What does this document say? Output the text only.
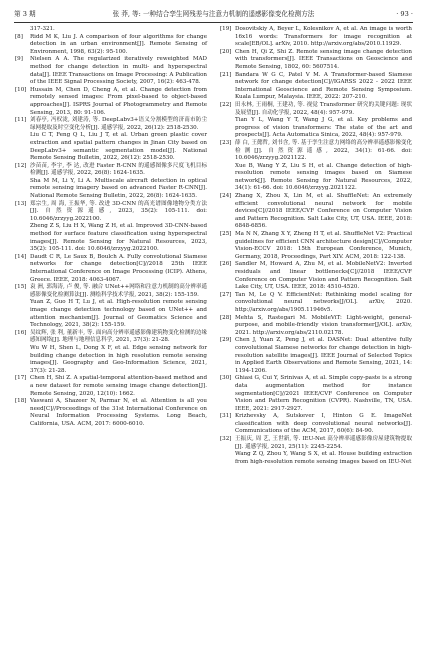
第 3 期	张 莽, 等: 一种结合孪生网残差与注意力机制的遥感影像变化检测方法	· 93 ·
317-321.
[8]	Ridd M K, Liu J. A comparison of four algorithms for change detection in an urban environment[J]. Remote Sensing of Environment, 1998, 63(2): 95-100.
[9]	Nielsen A A. The regularized iteratively reweighted MAD method for change detection in multi- and hyperspectral data[J]. IEEE Transactions on Image Processing: A Publication of the IEEE Signal Processing Society, 2007, 16(2): 463-478.
[10] Hussain M, Chen D, Cheng A, et al. Change detection from remotely sensed images: From pixel-based to object-based approaches[J]. ISPRS Journal of Photogrammetry and Remote Sensing, 2013, 80: 91-106.
[11] 刘春亭, 冯权泷, 刘建涛, 等. DeepLabv3+语义分割模型的济南市防尘绿网提取及时空变化分析[J]. 遥感学报, 2022, 26(12): 2518-2530.
Liu C T, Feng Q L, Liu J T, et al. Urban green plastic cover extraction and spatial pattern changes in Jinan City based on DeepLabv3+ semantic segmentation model[J]. National Remote Sensing Bulletin, 2022, 26(12): 2518-2530.
[12] 沙苗苗, 李宇, 李 达, 改进 Faster R-CNN 的遥感图像多尺度飞机目标检测[J]. 遥感学报, 2022, 26(8): 1624-1635.
Sha M M, Li Y, Li A. Multiscale aircraft detection in optical remote sensing imagery based on advanced Faster R-CNN[J]. National Remote Sensing Bulletin, 2022, 26(8): 1624-1635.
[13] 郑宗生, 周 海, 王振华, 等. 改进 3D-CNN 的高光谱图像地物分类方法[J]. 自然资源遥感, 2023, 35(2): 105-111. doi: 10.6046/zrzyyg.2022100.
Zheng Z S, Liu H X, Wang Z H, et al. Improved 3D-CNN-based method for surface feature classification using hyperspectral images[J]. Remote Sensing for Natural Resources, 2023, 35(2): 105-111. doi: 10.6046/zrzyyg.2022100.
[14] Daudt C R, Le Saux B, Boulch A. Fully convolutional Siamese networks for change detection[C]//2018 25th IEEE International Conference on Image Processing (ICIP). Athens, Greece. IEEE, 2018: 4063-4067.
[15] 袁 洲, 郭海涛, 卢 俊, 等. 融合 UNet++网络和注意力机制的高分辨率遥感影像变化检测算法[J]. 测绘科学技术学报, 2021, 38(2): 155-159.
Yuan Z, Guo H T, Lu J, et al. High-resolution remote sensing image change detection technology based on UNet++ and attention mechanism[J]. Journal of Geomatics Science and Technology, 2021, 38(2): 155-159.
[16] 吴纹辉, 张 利, 董新丰, 等. 面向高分辨率遥感影像建筑物变化检测的边缘感知网络[J]. 地理与地理信息科学, 2021, 37(3): 21-28.
Wu W H, Shen L, Dong X F, et al. Edge sensing network for building change detection in high resolution remote sensing images[J]. Geography and Geo-Information Science, 2021, 37(3): 21-28.
[17] Chen H, Shi Z. A spatial-temporal attention-based method and a new dataset for remote sensing image change detection[J]. Remote Sensing, 2020, 12(10): 1662.
[18] Vaswani A, Shazeer N, Parmar N, et al. Attention is all you need[C]//Proceedings of the 31st International Conference on Neural Information Processing Systems. Long Beach, California, USA. ACM, 2017: 6000-6010.
[19] Dosovitskiy A, Beyer L, Kolesnikov A, et al. An image is worth 16x16 words: Transformers for image recognition at scale[EB/OL]. arXiv, 2010. http://arxiv.org/abs/2010.11929.
[20] Chen H, Qi Z, Shi Z. Remote sensing image change detection with transformers[J]. IEEE Transactions on Geoscience and Remote Sensing, 1802, 60: 5607514.
[21] Bandara W G C, Patel V M. A Transformer-based Siamese network for change detection[C]//IGARSS 2022 - 2022 IEEE International Geoscience and Remote Sensing Symposium. Kuala Lumpur, Malaysia. IEEE, 2022: 207-210.
[22] 田永林, 王雨桐, 王建功, 等. 视觉 Transformer 研究的关键问题: 现状及展望[J]. 自动化学报, 2022, 48(4): 957-979.
Tian Y L, Wang Y T, Wang J G, et al. Key problems and progress of vision transformers: The state of the art and prospects[J]. Acta Automatica Sinica, 2022, 48(4): 957-979.
[23] 薛 白, 王懿哲, 刘书含, 等. 基于孪生注意力网络的高分辨率遥感影像变化检测[J]. 自然资源遥感, 2022, 34(1): 61-66. doi: 10.6046/zrzyyg.2021122.
Xue B, Wang Y Z, Liu S H, et al. Change detection of high-resolution remote sensing images based on Siamese network[J]. Remote Sensing for Natural Resources, 2022, 34(1): 61-66. doi: 10.6046/zrzyyg.2021122.
[24] Zhang X, Zhou X, Lin M, et al. ShuffleNet: An extremely efficient convolutional neural network for mobile devices[C]//2018 IEEE/CVF Conference on Computer Vision and Pattern Recognition. Salt Lake City, UT, USA. IEEE, 2018: 6848-6856.
[25] Ma N N, Zhang X Y, Zheng H T, et al. ShuffleNet V2: Practical guidelines for efficient CNN architecture design[C]//Computer Vision-ECCV 2018: 15th European Conference, Munich, Germany, 2018, Proceedings, Part XIV. ACM, 2018: 122-138.
[26] Sandler M, Howard A, Zhu M, et al. MobileNetV2: Inverted residuals and linear bottlenecks[C]//2018 IEEE/CVF Conference on Computer Vision and Pattern Recognition. Salt Lake City, UT, USA. IEEE, 2018: 4510-4520.
[27] Tan M, Le Q V. EfficientNet: Rethinking model scaling for convolutional neural networks[J/OL]. arXiv, 2020. http://arxiv.org/abs/1905.11946v5.
[28] Mehta S, Rastegari M. MobileViT: Light-weight, general-purpose, and mobile-friendly vision transformer[J/OL]. arXiv, 2021. http://arxiv.org/abs/2110.02178.
[29] Chen J, Yuan Z, Peng J, et al. DASNet: Dual attentive fully convolutional Siamese networks for change detection in high-resolution satellite images[J]. IEEE Journal of Selected Topics in Applied Earth Observations and Remote Sensing, 2021, 14: 1194-1206.
[30] Ghiasi G, Cui Y, Srinivas A, et al. Simple copy-paste is a strong data augmentation method for instance segmentation[C]//2021 IEEE/CVF Conference on Computer Vision and Pattern Recognition (CVPR). Nashville, TN, USA. IEEE, 2021: 2917-2927.
[31] Krizhevsky A, Sutskever I, Hinton G E. ImageNet classification with deep convolutional neural networks[J]. Communications of the ACM, 2017, 60(6): 84-90.
[32] 王振庆, 周 艺, 王世新, 等. IEU-Net 高分辨率遥感影像房屋建筑物提取[J]. 遥感学报, 2021, 25(11): 2245-2254.
Wang Z Q, Zhou Y, Wang S X, et al. House building extraction from high-resolution remote sensing images based on IEU-Net
